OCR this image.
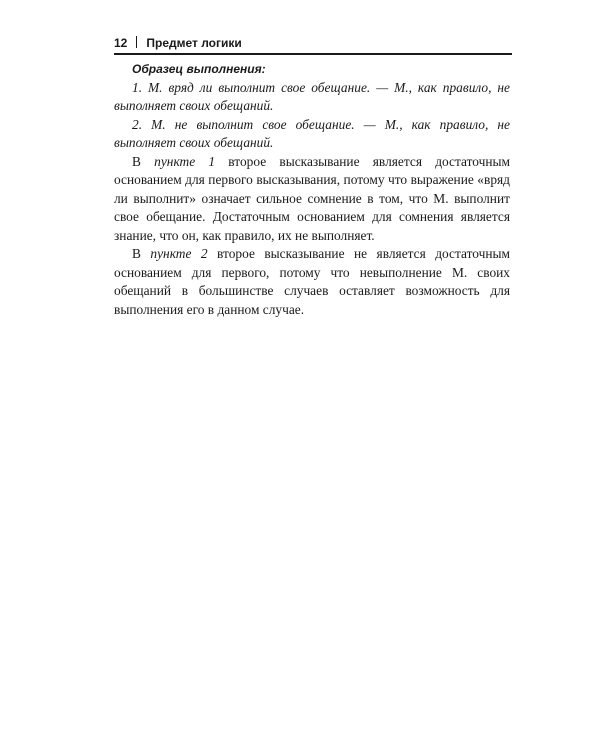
12 Предмет логики

Образец выполнения:

1. М. вряд ли выполнит свое обещание. — М., как правило, не выполняет своих обещаний.

2. М. не выполнит свое обещание. — М., как правило, не выполняет своих обещаний.

В пункте 1 второе высказывание является достаточным основанием для первого высказывания, потому что выражение «вряд ли выполнит» означает сильное сомнение в том, что М. выполнит свое обещание. Достаточным основанием для сомнения является знание, что он, как правило, их не выполняет.

В пункте 2 второе высказывание не является достаточным основанием для первого, потому что невыполнение М. своих обещаний в большинстве случаев оставляет возможность для выполнения его в данном случае.
